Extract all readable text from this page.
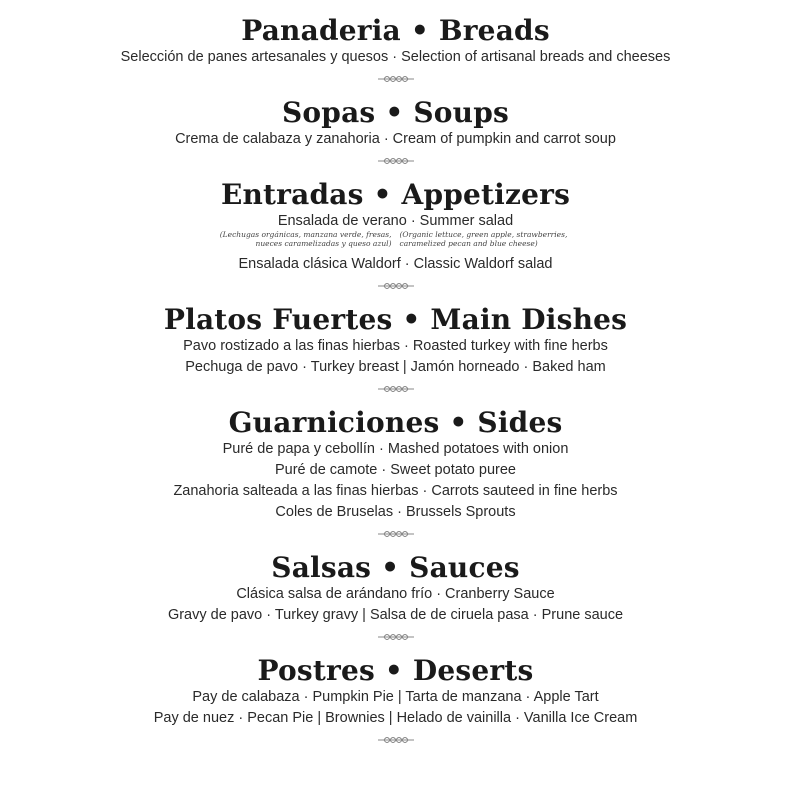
Panaderia • Breads

Selección de panes artesanales y quesos · Selection of artisanal breads and cheeses

Sopas • Soups

Crema de calabaza y zanahoria · Cream of pumpkin and carrot soup

Entradas • Appetizers

Ensalada de verano · Summer salad

(Lechugas orgánicas, manzana verde, fresas, nueces caramelizadas y queso azul)
(Organic lettuce, green apple, strawberries, caramelized pecan and blue cheese)

Ensalada clásica Waldorf · Classic Waldorf salad

Platos Fuertes • Main Dishes

Pavo rostizado a las finas hierbas · Roasted turkey with fine herbs

Pechuga de pavo · Turkey breast | Jamón horneado · Baked ham

Guarniciones • Sides

Puré de papa y cebollín · Mashed potatoes with onion

Puré de camote · Sweet potato puree

Zanahoria salteada a las finas hierbas · Carrots sauteed in fine herbs

Coles de Bruselas · Brussels Sprouts

Salsas • Sauces

Clásica salsa de arándano frío · Cranberry Sauce

Gravy de pavo · Turkey gravy | Salsa de de ciruela pasa · Prune sauce

Postres • Deserts

Pay de calabaza · Pumpkin Pie | Tarta de manzana · Apple Tart

Pay de nuez · Pecan Pie | Brownies | Helado de vainilla · Vanilla Ice Cream
